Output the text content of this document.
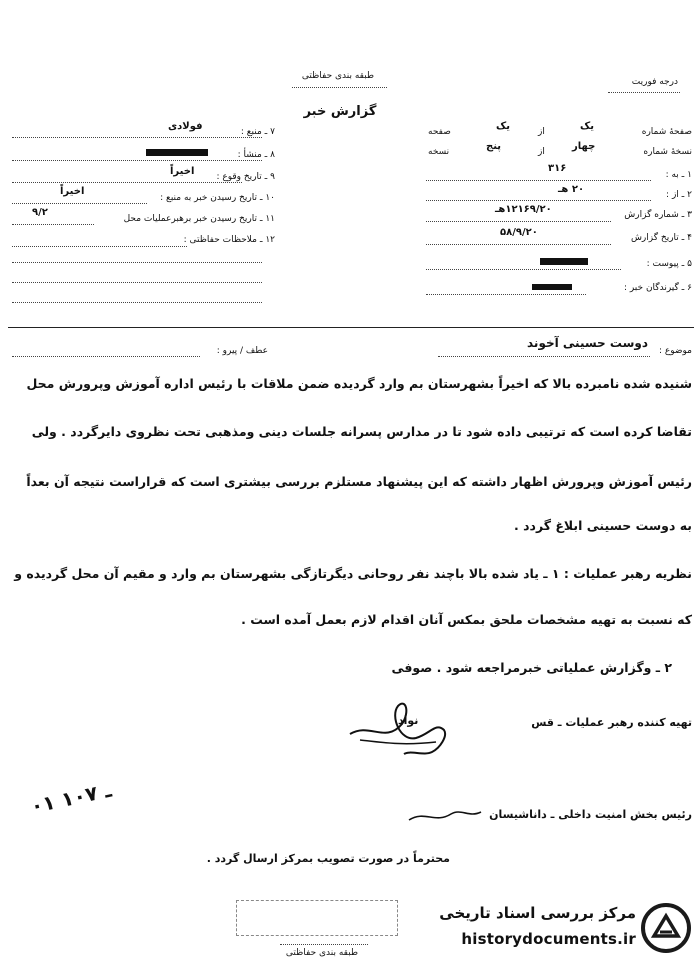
طبقه بندی حفاظتی
گزارش خبر
درجه فوریت
صفحهٔ شماره
یک
از
یک
صفحه
نسخهٔ شماره
چهار
از
پنج
نسخه
۱ ـ به :
۳۱۶
۲ ـ از :
۲۰ هـ
۳ ـ شماره گزارش
۱۲۱۶۹/۲۰هـ
۴ ـ تاریخ گزارش
۵۸/۹/۲۰
۵ ـ پیوست :
۶ ـ گیرندگان خبر :
۷ ـ منبع :
فولادی
۸ ـ منشأ :
۹ ـ تاریخ وقوع :
اخیراً
۱۰ ـ تاریخ رسیدن خبر به منبع :
اخیراً
۱۱ ـ تاریخ رسیدن خبر برهبرعملیات محل
۹/۲
۱۲ ـ ملاحظات حفاظتی :
موضوع :
دوست حسینی آخوند
عطف / پیرو :
شنیده شده نامبرده بالا که اخیراً بشهرستان بم وارد گردیده ضمن ملاقات با رئیس اداره آموزش وپرورش محل
تقاضا کرده است که ترتیبی داده شود تا در مدارس پسرانه جلسات دینی ومذهبی تحت نظروی دایرگردد . ولی
رئیس آموزش وپرورش اظهار داشته که این پیشنهاد مستلزم بررسی بیشتری است که قراراست نتیجه آن بعداً
به دوست حسینی ابلاغ گردد .
نظریه رهبر عملیات : ۱ ـ یاد شده بالا باچند نفر روحانی دیگرتازگی بشهرستان بم وارد و مقیم آن محل گردیده و
که نسبت به تهیه مشخصات ملحق بمکس آنان اقدام لازم بعمل آمده است .
۲ ـ وگزارش عملیاتی خبرمراجعه شود . صوفی
تهیه کننده رهبر عملیات ـ قس
نواد
۰۱ ـ ۱۰۷
رئیس بخش امنیت داخلی ـ داناشیسان
محترماً در صورت تصویب بمرکز ارسال گردد .
طبقه بندی حفاظتی
مرکز بررسی اسناد تاریخی
historydocuments.ir
